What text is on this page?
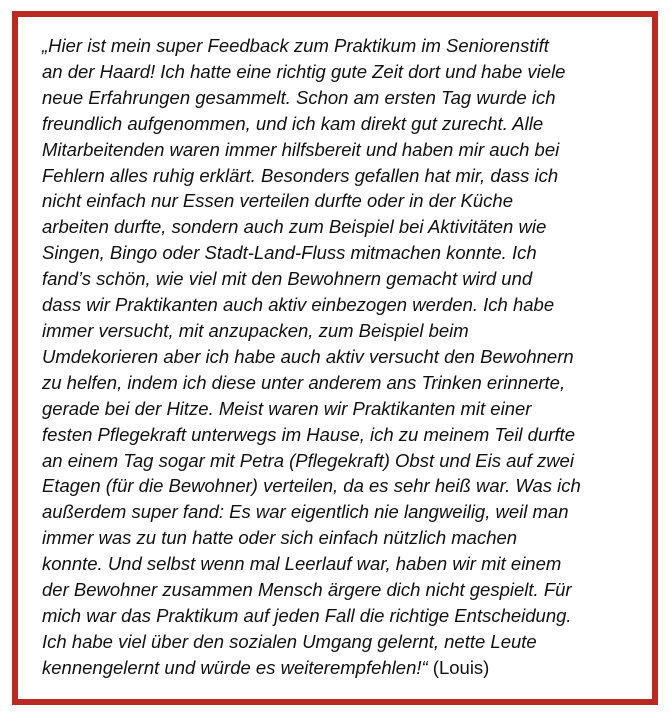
„Hier ist mein super Feedback zum Praktikum im Seniorenstift
an der Haard! Ich hatte eine richtig gute Zeit dort und habe viele
neue Erfahrungen gesammelt. Schon am ersten Tag wurde ich
freundlich aufgenommen, und ich kam direkt gut zurecht. Alle
Mitarbeitenden waren immer hilfsbereit und haben mir auch bei
Fehlern alles ruhig erklärt. Besonders gefallen hat mir, dass ich
nicht einfach nur Essen verteilen durfte oder in der Küche
arbeiten durfte, sondern auch zum Beispiel bei Aktivitäten wie
Singen, Bingo oder Stadt-Land-Fluss mitmachen konnte. Ich
fand’s schön, wie viel mit den Bewohnern gemacht wird und
dass wir Praktikanten auch aktiv einbezogen werden. Ich habe
immer versucht, mit anzupacken, zum Beispiel beim
Umdekorieren aber ich habe auch aktiv versucht den Bewohnern
zu helfen, indem ich diese unter anderem ans Trinken erinnerte,
gerade bei der Hitze. Meist waren wir Praktikanten mit einer
festen Pflegekraft unterwegs im Hause, ich zu meinem Teil durfte
an einem Tag sogar mit Petra (Pflegekraft) Obst und Eis auf zwei
Etagen (für die Bewohner) verteilen, da es sehr heiß war. Was ich
außerdem super fand: Es war eigentlich nie langweilig, weil man
immer was zu tun hatte oder sich einfach nützlich machen
konnte. Und selbst wenn mal Leerlauf war, haben wir mit einem
der Bewohner zusammen Mensch ärgere dich nicht gespielt. Für
mich war das Praktikum auf jeden Fall die richtige Entscheidung.
Ich habe viel über den sozialen Umgang gelernt, nette Leute
kennengelernt und würde es weiterempfehlen!“ (Louis)
